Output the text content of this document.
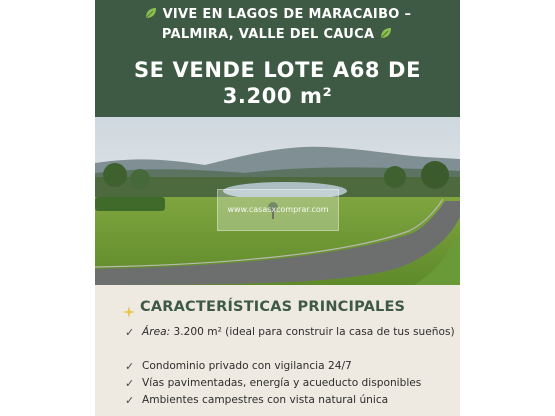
VIVE EN LAGOS DE MARACAIBO –
PALMIRA, VALLE DEL CAUCA
SE VENDE LOTE A68 DE
3.200 m²
www.casasxcomprar.com
CARACTERÍSTICAS PRINCIPALES
✓ Área: 3.200 m² (ideal para construir la casa de tus sueños)
✓ Condominio privado con vigilancia 24/7
✓ Vías pavimentadas, energía y acueducto disponibles
✓ Ambientes campestres con vista natural única
